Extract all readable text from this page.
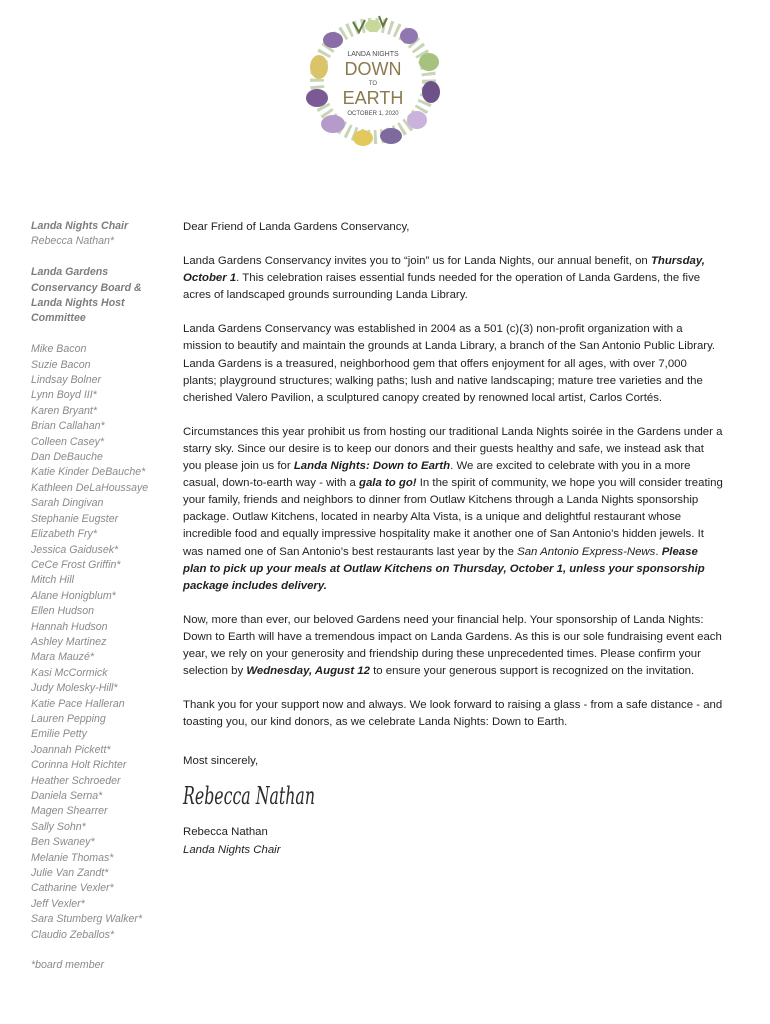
LANDA NIGHTS
DOWN
TO
EARTH
OCTOBER 1, 2020
Landa Nights Chair
Rebecca Nathan*
Landa Gardens
Conservancy Board &
Landa Nights Host
Committee
Mike Bacon
Suzie Bacon
Lindsay Bolner
Lynn Boyd III*
Karen Bryant*
Brian Callahan*
Colleen Casey*
Dan DeBauche
Katie Kinder DeBauche*
Kathleen DeLaHoussaye
Sarah Dingivan
Stephanie Eugster
Elizabeth Fry*
Jessica Gaidusek*
CeCe Frost Griffin*
Mitch Hill
Alane Honigblum*
Ellen Hudson
Hannah Hudson
Ashley Martinez
Mara Mauzé*
Kasi McCormick
Judy Molesky-Hill*
Katie Pace Halleran
Lauren Pepping
Emilie Petty
Joannah Pickett*
Corinna Holt Richter
Heather Schroeder
Daniela Serna*
Magen Shearrer
Sally Sohn*
Ben Swaney*
Melanie Thomas*
Julie Van Zandt*
Catharine Vexler*
Jeff Vexler*
Sara Stumberg Walker*
Claudio Zeballos*
*board member

Dear Friend of Landa Gardens Conservancy,

Landa Gardens Conservancy invites you to “join” us for Landa Nights, our annual benefit, on Thursday, October 1. This celebration raises essential funds needed for the operation of Landa Gardens, the five acres of landscaped grounds surrounding Landa Library.

Landa Gardens Conservancy was established in 2004 as a 501 (c)(3) non-profit organization with a mission to beautify and maintain the grounds at Landa Library, a branch of the San Antonio Public Library. Landa Gardens is a treasured, neighborhood gem that offers enjoyment for all ages, with over 7,000 plants; playground structures; walking paths; lush and native landscaping; mature tree varieties and the cherished Valero Pavilion, a sculptured canopy created by renowned local artist, Carlos Cortés.

Circumstances this year prohibit us from hosting our traditional Landa Nights soirée in the Gardens under a starry sky. Since our desire is to keep our donors and their guests healthy and safe, we instead ask that you please join us for Landa Nights: Down to Earth. We are excited to celebrate with you in a more casual, down-to-earth way - with a gala to go! In the spirit of community, we hope you will consider treating your family, friends and neighbors to dinner from Outlaw Kitchens through a Landa Nights sponsorship package. Outlaw Kitchens, located in nearby Alta Vista, is a unique and delightful restaurant whose incredible food and equally impressive hospitality make it another one of San Antonio’s hidden jewels. It was named one of San Antonio’s best restaurants last year by the San Antonio Express-News. Please plan to pick up your meals at Outlaw Kitchens on Thursday, October 1, unless your sponsorship package includes delivery.

Now, more than ever, our beloved Gardens need your financial help. Your sponsorship of Landa Nights: Down to Earth will have a tremendous impact on Landa Gardens. As this is our sole fundraising event each year, we rely on your generosity and friendship during these unprecedented times. Please confirm your selection by Wednesday, August 12 to ensure your generous support is recognized on the invitation.

Thank you for your support now and always. We look forward to raising a glass - from a safe distance - and toasting you, our kind donors, as we celebrate Landa Nights: Down to Earth.

Most sincerely,

Rebecca Nathan
Rebecca Nathan
Landa Nights Chair
